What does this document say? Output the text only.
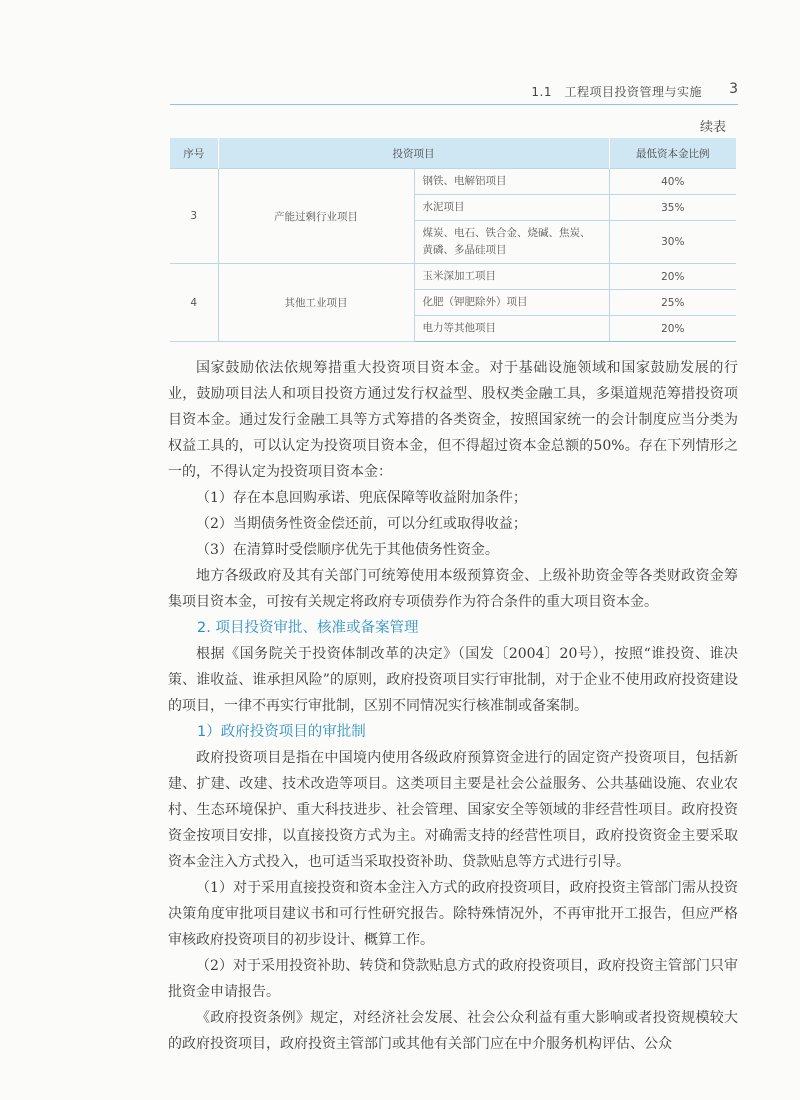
1.1　工程项目投资管理与实施 3
续表
序号	投资项目		最低资本金比例
3	产能过剩行业项目	钢铁、电解铝项目	40%
		水泥项目	35%
		煤炭、电石、铁合金、烧碱、焦炭、黄磷、多晶硅项目	30%
4	其他工业项目	玉米深加工项目	20%
		化肥（钾肥除外）项目	25%
		电力等其他项目	20%

国家鼓励依法依规筹措重大投资项目资本金。对于基础设施领域和国家鼓励发展的行业，鼓励项目法人和项目投资方通过发行权益型、股权类金融工具，多渠道规范筹措投资项目资本金。通过发行金融工具等方式筹措的各类资金，按照国家统一的会计制度应当分类为权益工具的，可以认定为投资项目资本金，但不得超过资本金总额的50%。存在下列情形之一的，不得认定为投资项目资本金：

（1）存在本息回购承诺、兜底保障等收益附加条件；

（2）当期债务性资金偿还前，可以分红或取得收益；

（3）在清算时受偿顺序优先于其他债务性资金。

地方各级政府及其有关部门可统筹使用本级预算资金、上级补助资金等各类财政资金筹集项目资本金，可按有关规定将政府专项债券作为符合条件的重大项目资本金。

2. 项目投资审批、核准或备案管理

根据《国务院关于投资体制改革的决定》（国发〔2004〕20号），按照“谁投资、谁决策、谁收益、谁承担风险”的原则，政府投资项目实行审批制，对于企业不使用政府投资建设的项目，一律不再实行审批制，区别不同情况实行核准制或备案制。

1）政府投资项目的审批制

政府投资项目是指在中国境内使用各级政府预算资金进行的固定资产投资项目，包括新建、扩建、改建、技术改造等项目。这类项目主要是社会公益服务、公共基础设施、农业农村、生态环境保护、重大科技进步、社会管理、国家安全等领域的非经营性项目。政府投资资金按项目安排，以直接投资方式为主。对确需支持的经营性项目，政府投资资金主要采取资本金注入方式投入，也可适当采取投资补助、贷款贴息等方式进行引导。

（1）对于采用直接投资和资本金注入方式的政府投资项目，政府投资主管部门需从投资决策角度审批项目建议书和可行性研究报告。除特殊情况外，不再审批开工报告，但应严格审核政府投资项目的初步设计、概算工作。

（2）对于采用投资补助、转贷和贷款贴息方式的政府投资项目，政府投资主管部门只审批资金申请报告。

《政府投资条例》规定，对经济社会发展、社会公众利益有重大影响或者投资规模较大的政府投资项目，政府投资主管部门或其他有关部门应在中介服务机构评估、公众
